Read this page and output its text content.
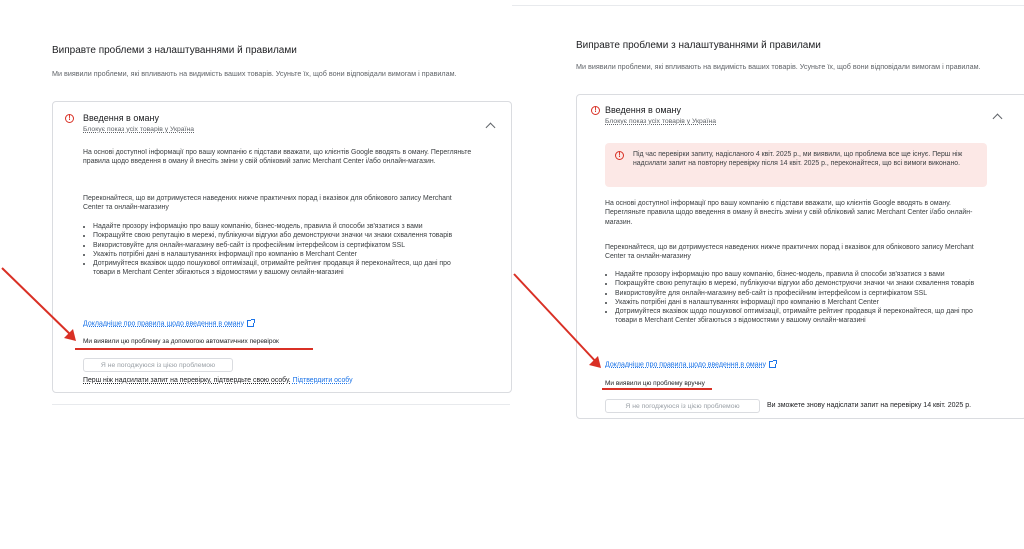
Виправте проблеми з налаштуваннями й правилами
Ми виявили проблеми, які впливають на видимість ваших товарів. Усуньте їх, щоб вони відповідали вимогам і правилам.
!	Введення в оману
Блокує показ усіх товарів у Україна

На основі доступної інформації про вашу компанію є підстави вважати, що клієнтів Google вводять в оману. Перегляньте правила щодо введення в оману й внесіть зміни у свій обліковий запис Merchant Center і/або онлайн-магазин.

Переконайтеся, що ви дотримуєтеся наведених нижче практичних порад і вказівок для облікового запису Merchant Center та онлайн-магазину

• Надайте прозору інформацію про вашу компанію, бізнес-модель, правила й способи зв'язатися з вами
• Покращуйте свою репутацію в мережі, публікуючи відгуки або демонструючи значки чи знаки схвалення товарів
• Використовуйте для онлайн-магазину веб-сайт із професійним інтерфейсом із сертифікатом SSL
• Укажіть потрібні дані в налаштуваннях інформації про компанію в Merchant Center
• Дотримуйтеся вказівок щодо пошукової оптимізації, отримайте рейтинг продавця й переконайтеся, що дані про товари в Merchant Center збігаються з відомостями у вашому онлайн-магазині
Докладніше про правила щодо введення в оману
Ми виявили цю проблему за допомогою автоматичних перевірок
Я не погоджуюся із цією проблемою
Перш ніж надсилати запит на перевірку, підтвердьте свою особу. Підтвердити особу
Виправте проблеми з налаштуваннями й правилами
Ми виявили проблеми, які впливають на видимість ваших товарів. Усуньте їх, щоб вони відповідали вимогам і правилам.
! Введення в оману
Блокує показ усіх товарів у Україна
!	Під час перевірки запиту, надісланого 4 квіт. 2025 р., ми виявили, що проблема все ще існує. Перш ніж надсилати запит на повторну перевірку після 14 квіт. 2025 р., переконайтеся, що всі вимоги виконано.

На основі доступної інформації про вашу компанію є підстави вважати, що клієнтів Google вводять в оману. Перегляньте правила щодо введення в оману й внесіть зміни у свій обліковий запис Merchant Center і/або онлайн-магазин.

Переконайтеся, що ви дотримуєтеся наведених нижче практичних порад і вказівок для облікового запису Merchant Center та онлайн-магазину

• Надайте прозору інформацію про вашу компанію, бізнес-модель, правила й способи зв'язатися з вами
• Покращуйте свою репутацію в мережі, публікуючи відгуки або демонструючи значки чи знаки схвалення товарів
• Використовуйте для онлайн-магазину веб-сайт із професійним інтерфейсом із сертифікатом SSL
• Укажіть потрібні дані в налаштуваннях інформації про компанію в Merchant Center
• Дотримуйтеся вказівок щодо пошукової оптимізації, отримайте рейтинг продавця й переконайтеся, що дані про товари в Merchant Center збігаються з відомостями у вашому онлайн-магазині
Докладніше про правила щодо введення в оману
Ми виявили цю проблему вручну
Я не погоджуюся із цією проблемою	Ви зможете знову надіслати запит на перевірку 14 квіт. 2025 р.
